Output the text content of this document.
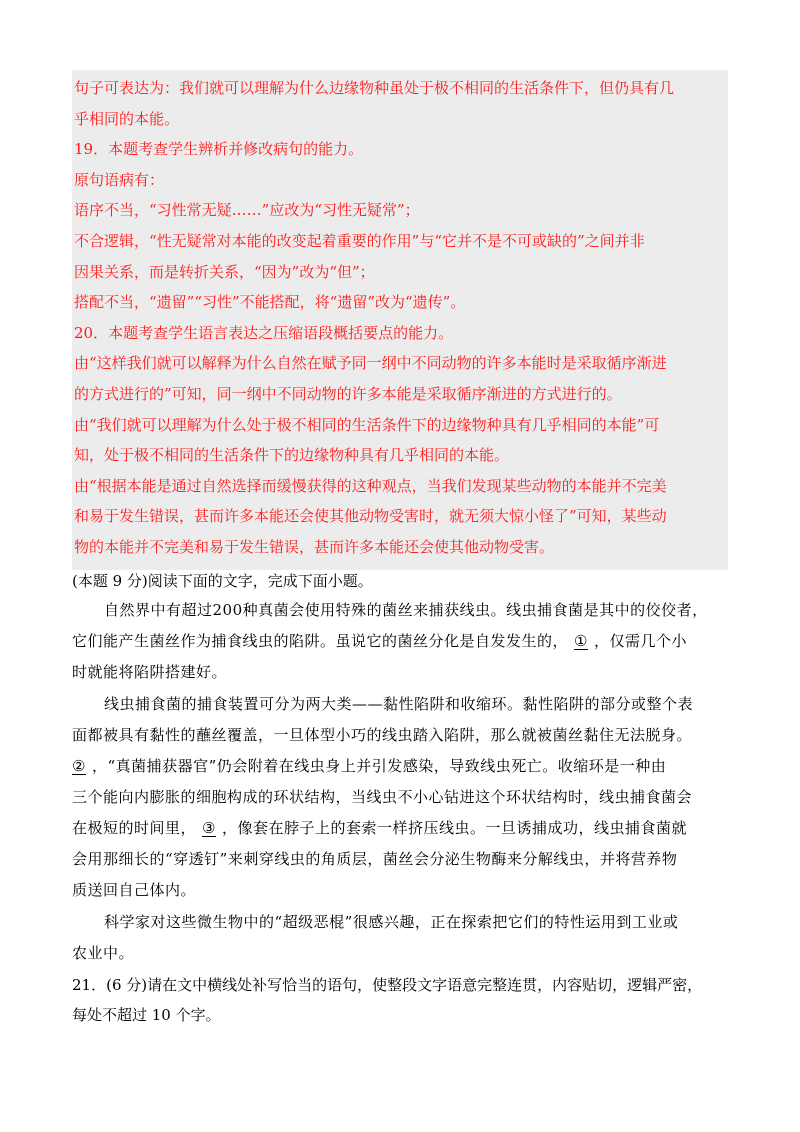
句子可表达为：我们就可以理解为什么边缘物种虽处于极不相同的生活条件下，但仍具有几
乎相同的本能。
19．本题考查学生辨析并修改病句的能力。
原句语病有：
语序不当，“习性常无疑……”应改为“习性无疑常”；
不合逻辑，“性无疑常对本能的改变起着重要的作用”与“它并不是不可或缺的”之间并非
因果关系，而是转折关系，“因为”改为“但”；
搭配不当，“遗留”“习性”不能搭配，将“遗留”改为“遗传”。
20．本题考查学生语言表达之压缩语段概括要点的能力。
由“这样我们就可以解释为什么自然在赋予同一纲中不同动物的许多本能时是采取循序渐进
的方式进行的”可知，同一纲中不同动物的许多本能是采取循序渐进的方式进行的。
由“我们就可以理解为什么处于极不相同的生活条件下的边缘物种具有几乎相同的本能”可
知，处于极不相同的生活条件下的边缘物种具有几乎相同的本能。
由“根据本能是通过自然选择而缓慢获得的这种观点，当我们发现某些动物的本能并不完美
和易于发生错误，甚而许多本能还会使其他动物受害时，就无须大惊小怪了”可知，某些动
物的本能并不完美和易于发生错误，甚而许多本能还会使其他动物受害。
(本题 9 分)阅读下面的文字，完成下面小题。
自然界中有超过200种真菌会使用特殊的菌丝来捕获线虫。线虫捕食菌是其中的佼佼者，
它们能产生菌丝作为捕食线虫的陷阱。虽说它的菌丝分化是自发发生的， ① ，仅需几个小
时就能将陷阱搭建好。
线虫捕食菌的捕食装置可分为两大类——黏性陷阱和收缩环。黏性陷阱的部分或整个表
面都被具有黏性的蘸丝覆盖，一旦体型小巧的线虫踏入陷阱，那么就被菌丝黏住无法脱身。
② ，“真菌捕获器官”仍会附着在线虫身上并引发感染，导致线虫死亡。收缩环是一种由
三个能向内膨胀的细胞构成的环状结构，当线虫不小心钻进这个环状结构时，线虫捕食菌会
在极短的时间里， ③ ，像套在脖子上的套索一样挤压线虫。一旦诱捕成功，线虫捕食菌就
会用那细长的“穿透钉”来刺穿线虫的角质层，菌丝会分泌生物酶来分解线虫，并将营养物
质送回自己体内。
科学家对这些微生物中的“超级恶棍”很感兴趣，正在探索把它们的特性运用到工业或
农业中。
21．(6 分)请在文中横线处补写恰当的语句，使整段文字语意完整连贯，内容贴切，逻辑严密，
每处不超过 10 个字。
